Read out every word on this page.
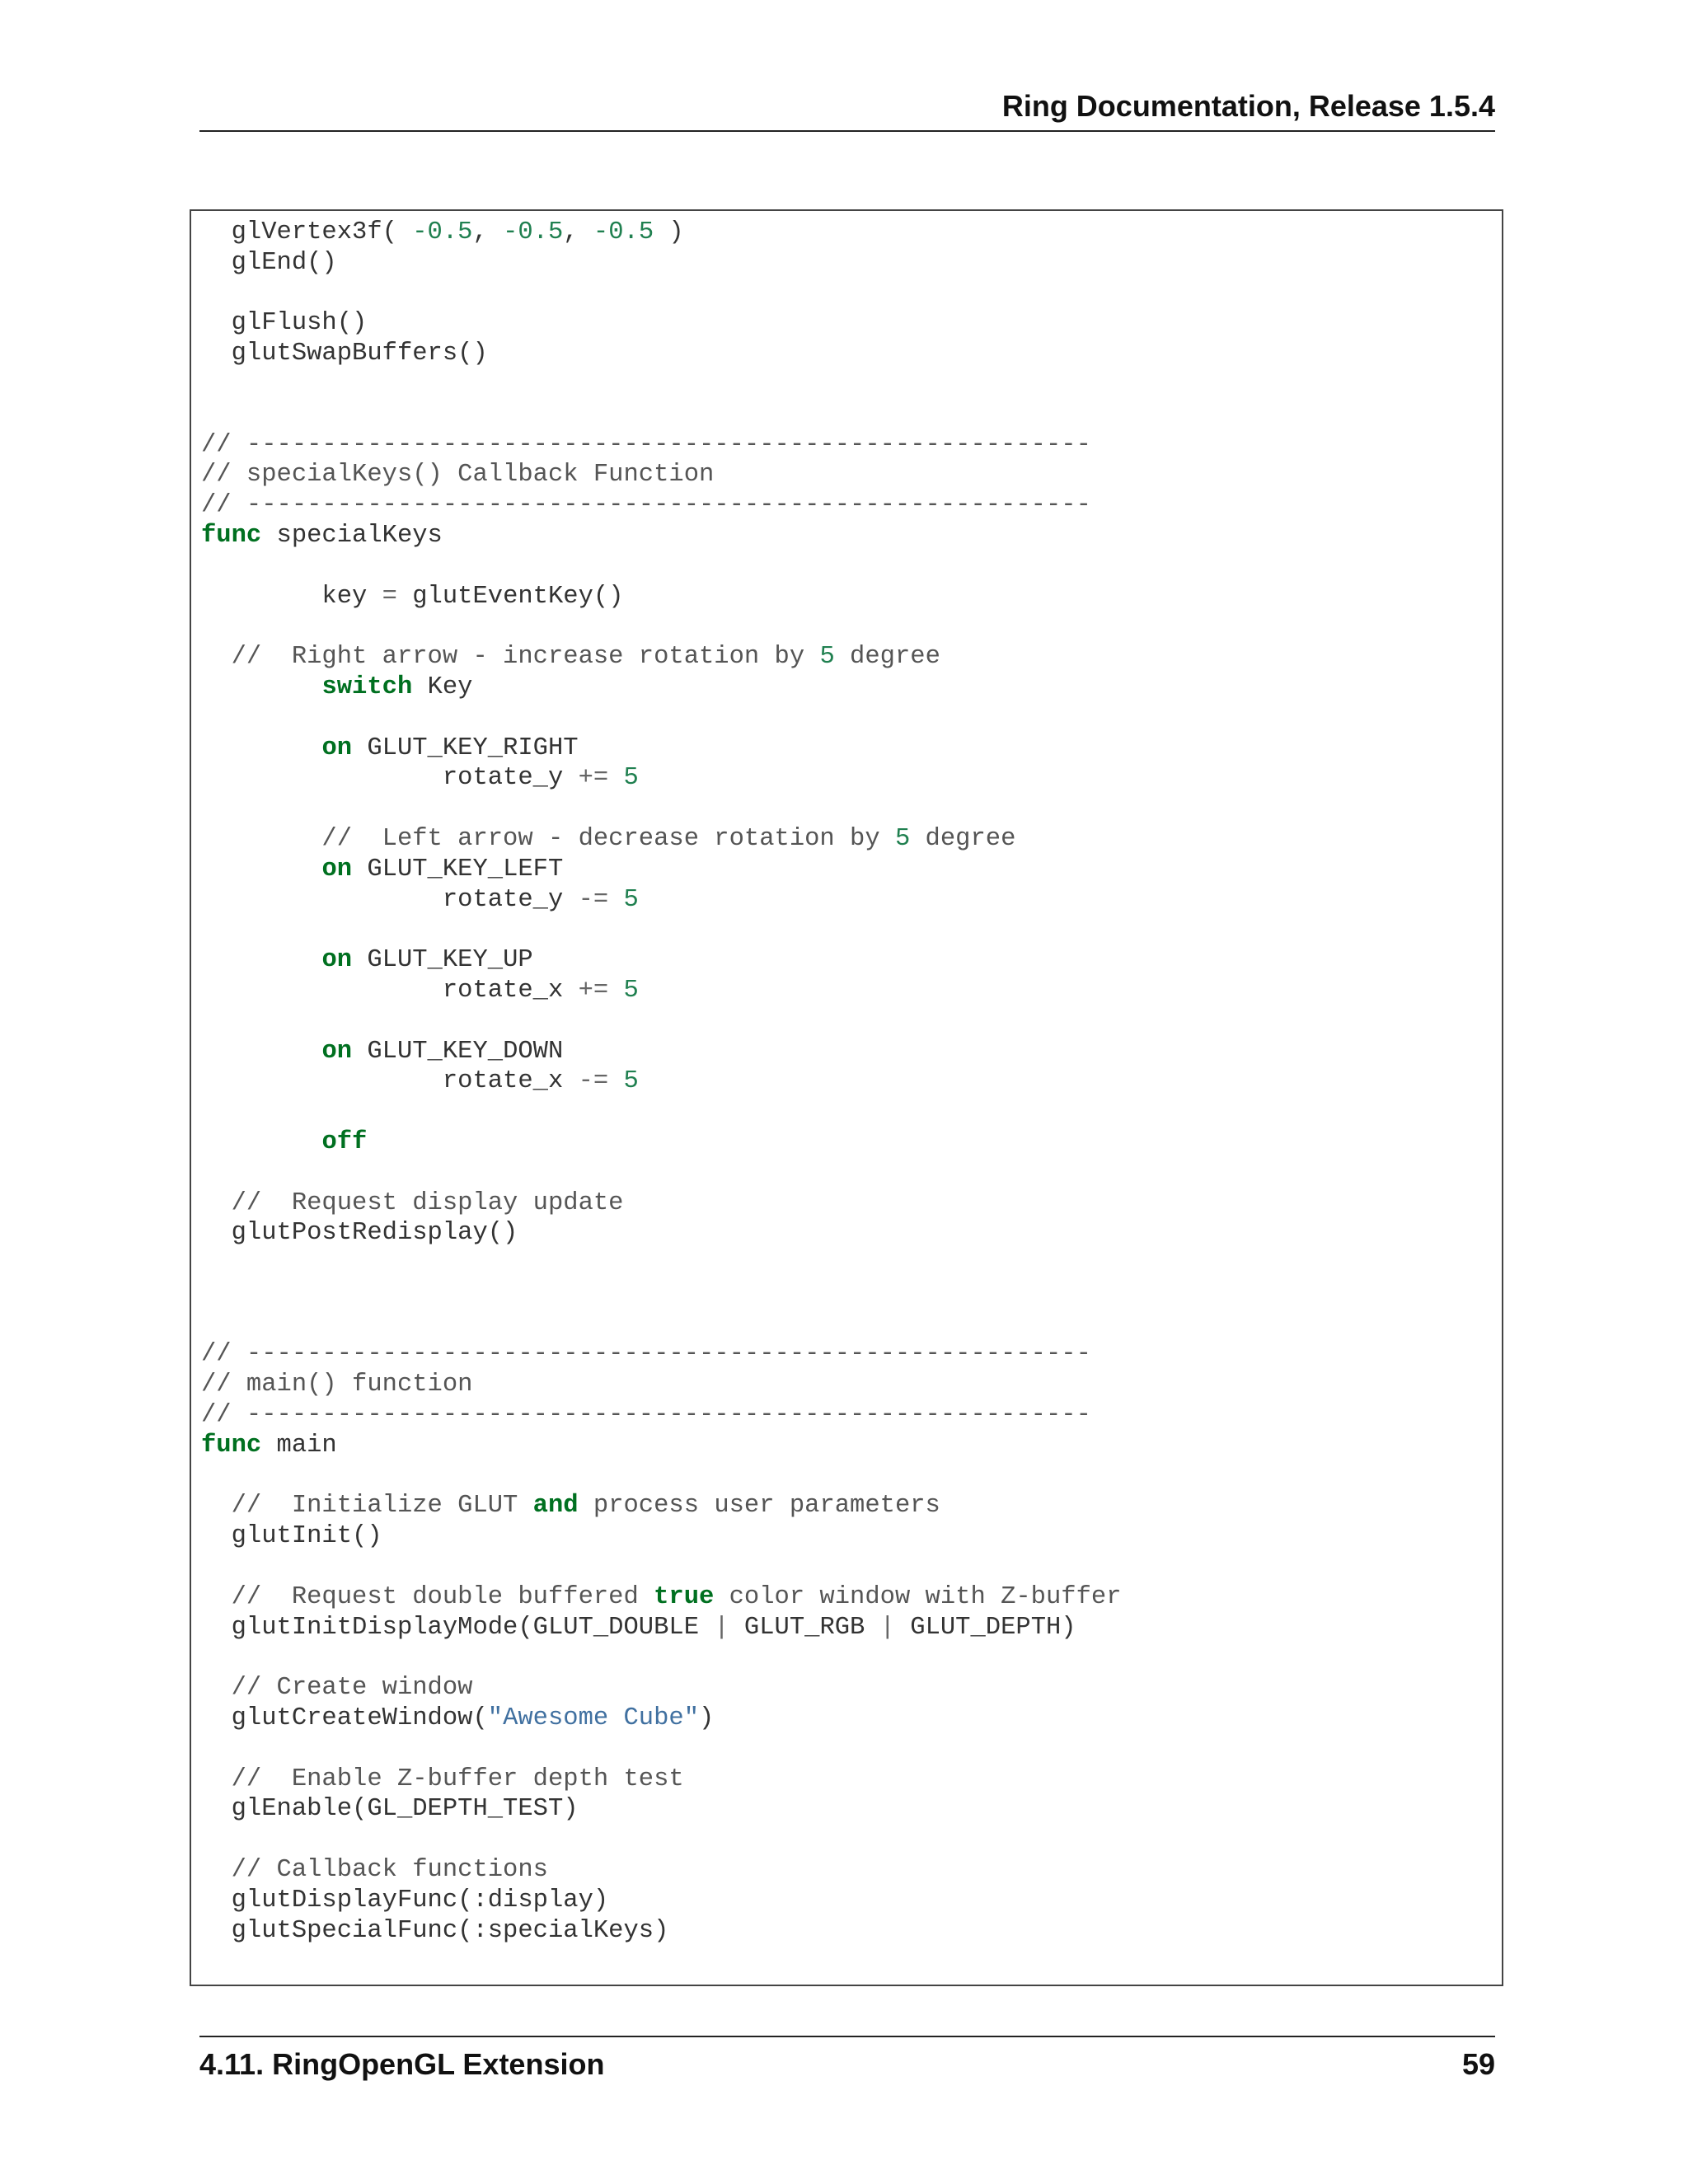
Ring Documentation, Release 1.5.4
glVertex3f( -0.5, -0.5, -0.5 )
glEnd()
glFlush()
glutSwapBuffers()
// --------------------------------------------------------
// specialKeys() Callback Function
// --------------------------------------------------------
func specialKeys
key = glutEventKey()
//  Right arrow - increase rotation by 5 degree
switch Key
on GLUT_KEY_RIGHT
rotate_y += 5
//  Left arrow - decrease rotation by 5 degree
on GLUT_KEY_LEFT
rotate_y -= 5
on GLUT_KEY_UP
rotate_x += 5
on GLUT_KEY_DOWN
rotate_x -= 5
off
//  Request display update
glutPostRedisplay()
// --------------------------------------------------------
// main() function
// --------------------------------------------------------
func main
//  Initialize GLUT and process user parameters
glutInit()
//  Request double buffered true color window with Z-buffer
glutInitDisplayMode(GLUT_DOUBLE | GLUT_RGB | GLUT_DEPTH)
// Create window
glutCreateWindow("Awesome Cube")
//  Enable Z-buffer depth test
glEnable(GL_DEPTH_TEST)
// Callback functions
glutDisplayFunc(:display)
glutSpecialFunc(:specialKeys)
4.11. RingOpenGL Extension	59
